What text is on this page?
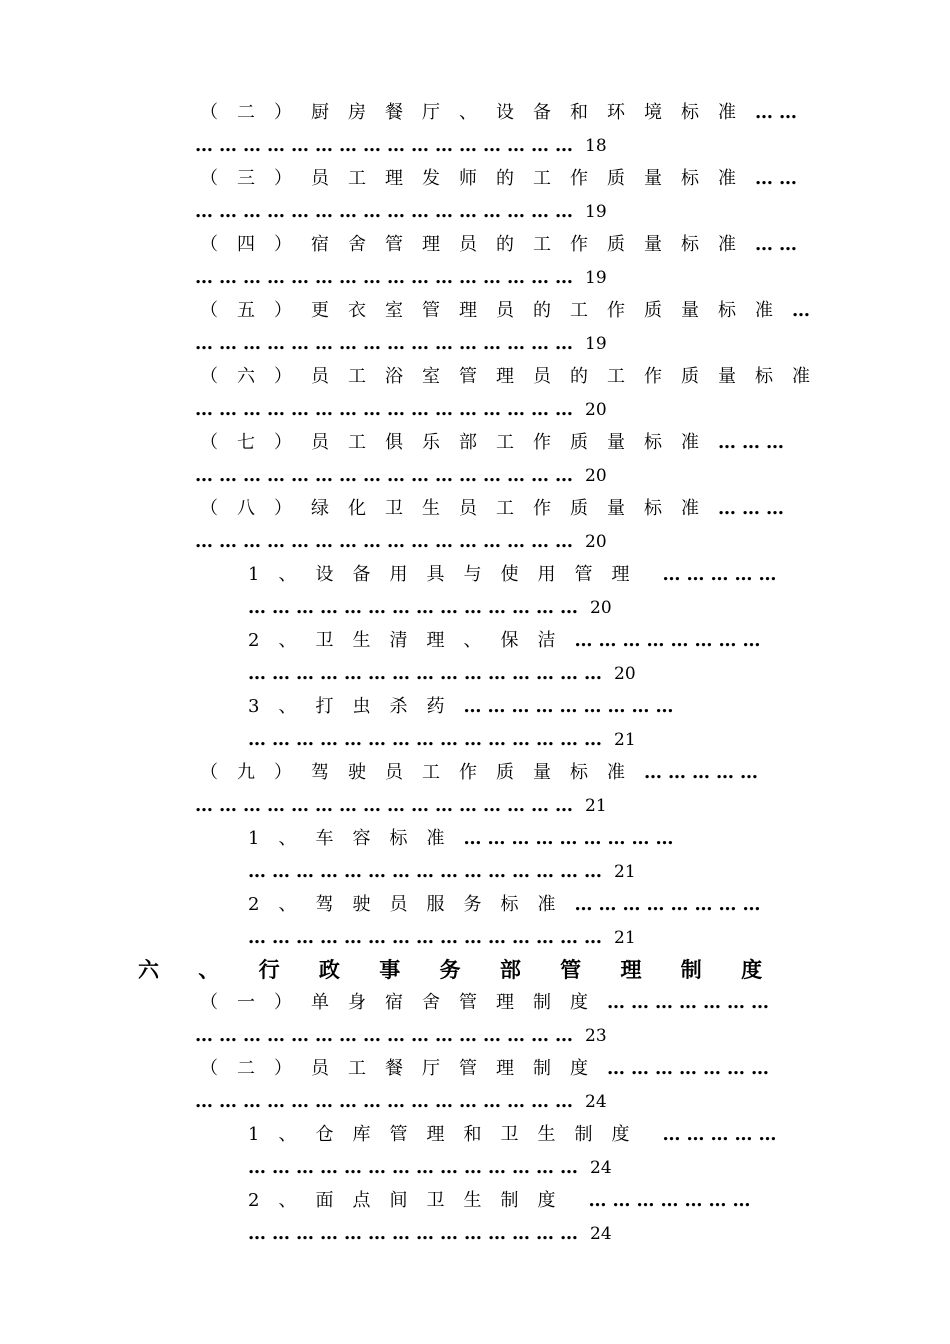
（二）厨房餐厅、设备和环境标准……
………………………………………… 18
（三）员工理发师的工作质量标准……
………………………………………… 19
（四）宿舍管理员的工作质量标准……
………………………………………… 19
（五）更衣室管理员的工作质量标准…
………………………………………… 19
（六）员工浴室管理员的工作质量标准
………………………………………… 20
（七）员工俱乐部工作质量标准………
………………………………………… 20
（八）绿化卫生员工作质量标准………
………………………………………… 20
1、设备用具与使用管理 ……………
…………………………………… 20
2、卫生清理、保洁……………………
……………………………………… 20
3、打虫杀药………………………
……………………………………… 21
（九）驾驶员工作质量标准……………
………………………………………… 21
1、车容标准………………………
……………………………………… 21
2、驾驶员服务标准……………………
……………………………………… 21
六 、 行 政 事 务 部 管 理 制 度
（一）单身宿舍管理制度…………………
………………………………………… 23
（二）员工餐厅管理制度…………………
………………………………………… 24
1、仓库管理和卫生制度 ……………
…………………………………… 24
2、面点间卫生制度 …………………
…………………………………… 24
